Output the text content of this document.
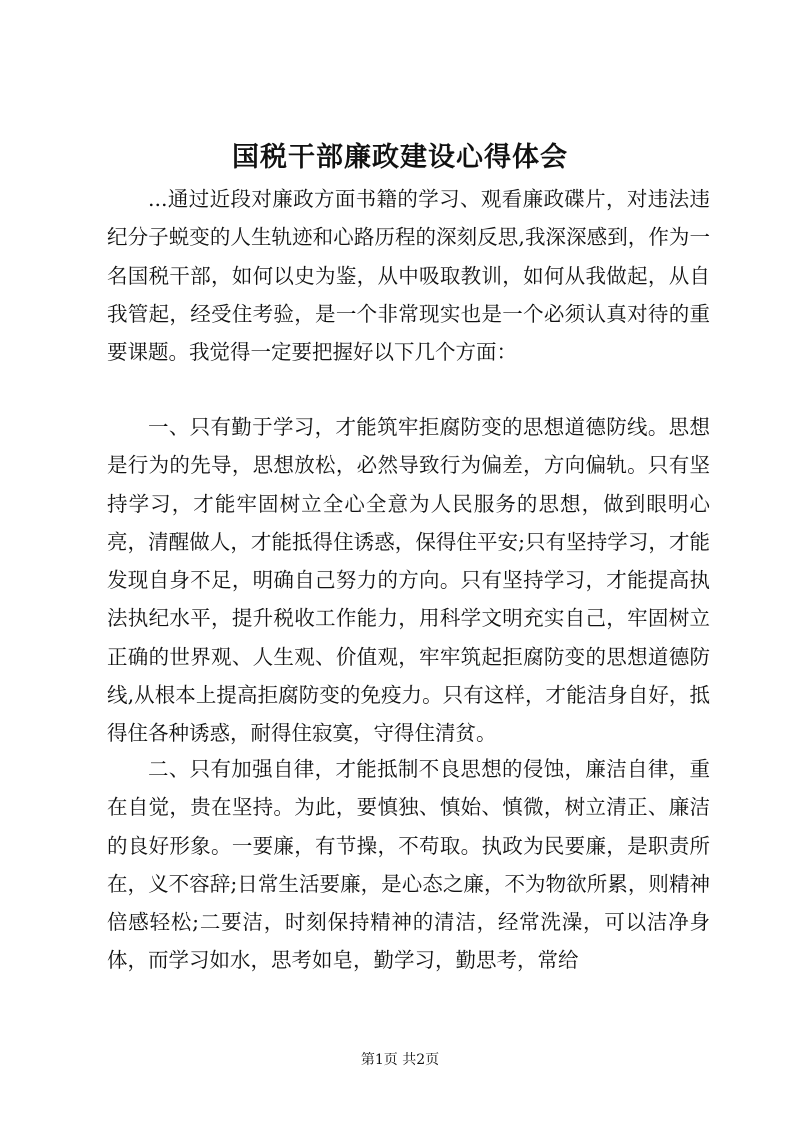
国税干部廉政建设心得体会

...通过近段对廉政方面书籍的学习、观看廉政碟片，对违法违纪分子蜕变的人生轨迹和心路历程的深刻反思,我深深感到，作为一名国税干部，如何以史为鉴，从中吸取教训，如何从我做起，从自我管起，经受住考验，是一个非常现实也是一个必须认真对待的重要课题。我觉得一定要把握好以下几个方面：

一、只有勤于学习，才能筑牢拒腐防变的思想道德防线。思想是行为的先导，思想放松，必然导致行为偏差，方向偏轨。只有坚持学习，才能牢固树立全心全意为人民服务的思想，做到眼明心亮，清醒做人，才能抵得住诱惑，保得住平安;只有坚持学习，才能发现自身不足，明确自己努力的方向。只有坚持学习，才能提高执法执纪水平，提升税收工作能力，用科学文明充实自己，牢固树立正确的世界观、人生观、价值观，牢牢筑起拒腐防变的思想道德防线,从根本上提高拒腐防变的免疫力。只有这样，才能洁身自好，抵得住各种诱惑，耐得住寂寞，守得住清贫。

二、只有加强自律，才能抵制不良思想的侵蚀，廉洁自律，重在自觉，贵在坚持。为此，要慎独、慎始、慎微，树立清正、廉洁的良好形象。一要廉，有节操，不苟取。执政为民要廉，是职责所在，义不容辞;日常生活要廉，是心态之廉，不为物欲所累，则精神倍感轻松;二要洁，时刻保持精神的清洁，经常洗澡，可以洁净身体，而学习如水，思考如皂，勤学习，勤思考，常给

第1页 共2页
